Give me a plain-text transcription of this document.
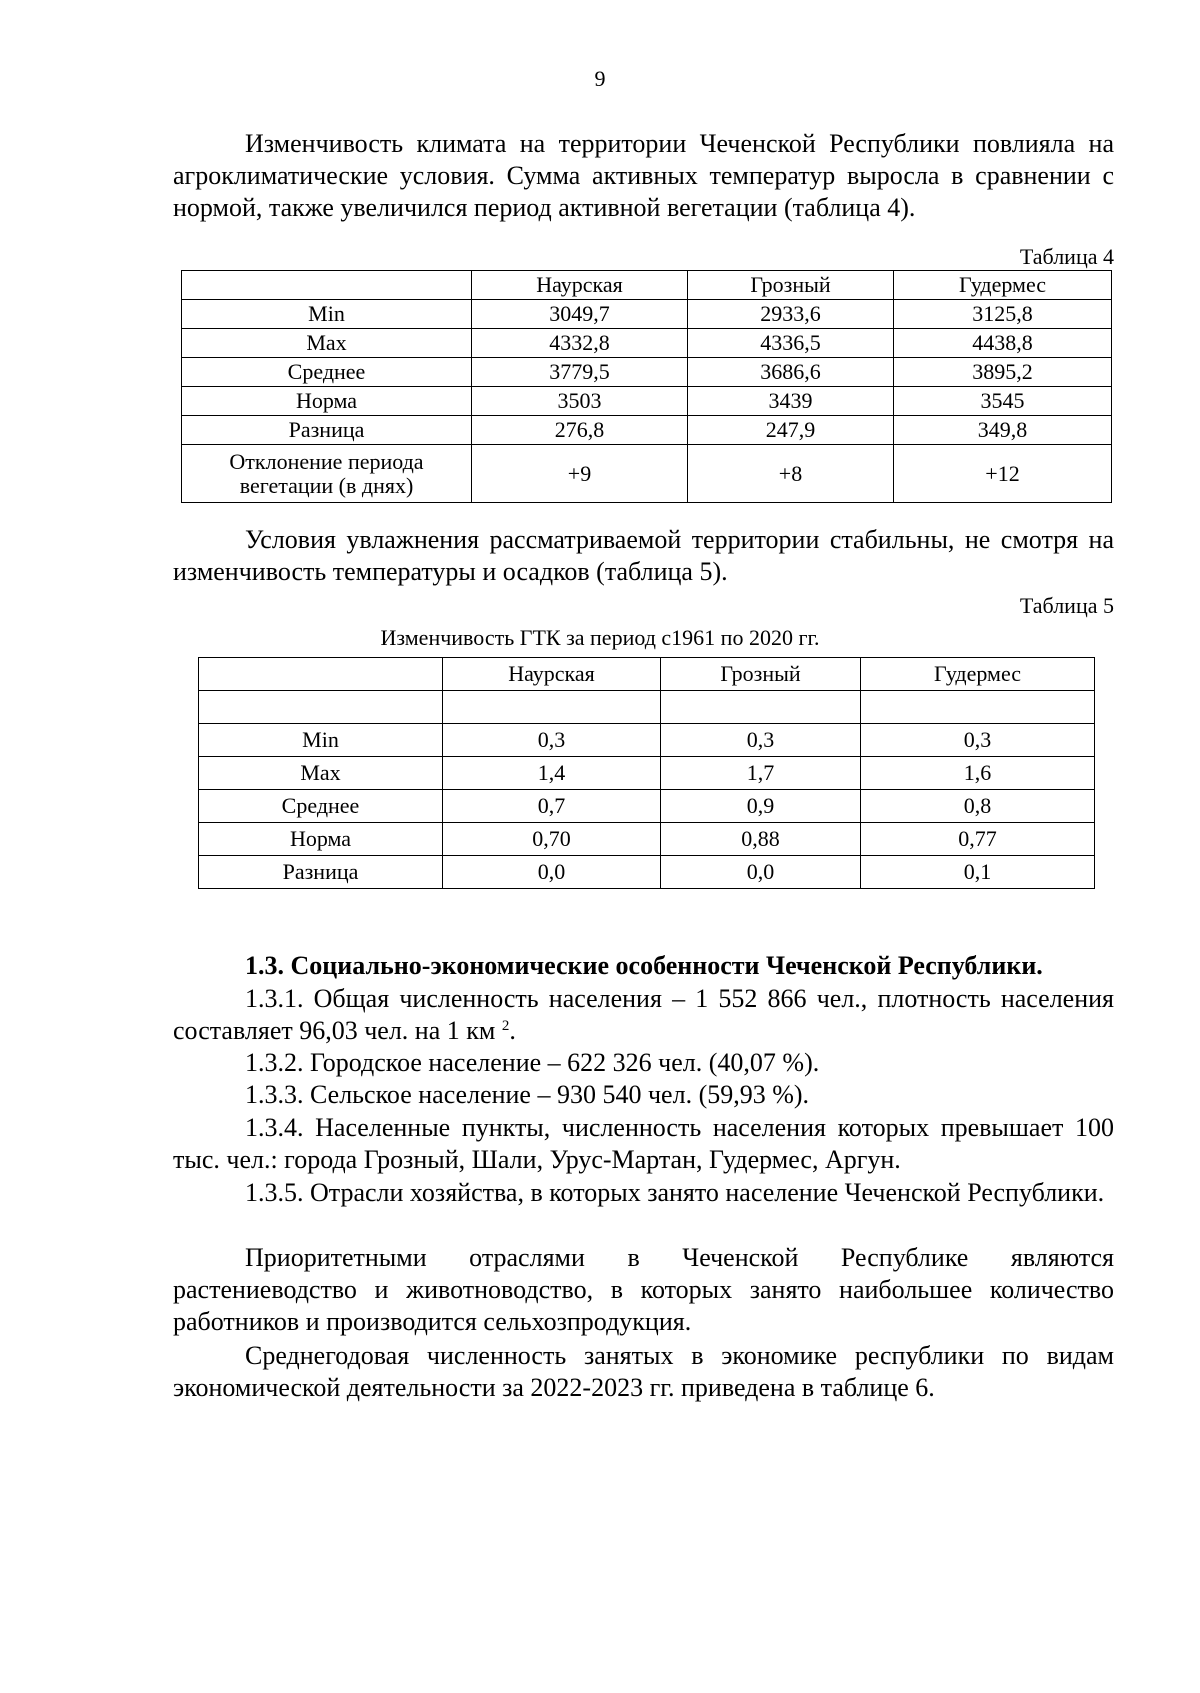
9

Изменчивость климата на территории Чеченской Республики повлияла на агроклиматические условия. Сумма активных температур выросла в сравнении с нормой, также увеличился период активной вегетации (таблица 4).

Таблица 4
	Наурская	Грозный	Гудермес
Min	3049,7	2933,6	3125,8
Max	4332,8	4336,5	4438,8
Среднее	3779,5	3686,6	3895,2
Норма	3503	3439	3545
Разница	276,8	247,9	349,8
Отклонение периода вегетации (в днях)	+9	+8	+12

Условия увлажнения рассматриваемой территории стабильны, не смотря на изменчивость температуры и осадков (таблица 5).

Таблица 5
Изменчивость ГТК за период с1961 по 2020 гг.
	Наурская	Грозный	Гудермес

Min	0,3	0,3	0,3
Max	1,4	1,7	1,6
Среднее	0,7	0,9	0,8
Норма	0,70	0,88	0,77
Разница	0,0	0,0	0,1

1.3. Социально-экономические особенности Чеченской Республики.

1.3.1. Общая численность населения – 1 552 866 чел., плотность населения составляет 96,03 чел. на 1 км $^2$.

1.3.2. Городское население – 622 326 чел. (40,07 %).

1.3.3. Сельское население – 930 540 чел. (59,93 %).

1.3.4. Населенные пункты, численность населения которых превышает 100 тыс. чел.: города Грозный, Шали, Урус-Мартан, Гудермес, Аргун.

1.3.5. Отрасли хозяйства, в которых занято население Чеченской Республики.

Приоритетными отраслями в Чеченской Республике являются растениеводство и животноводство, в которых занято наибольшее количество работников и производится сельхозпродукция.

Среднегодовая численность занятых в экономике республики по видам экономической деятельности за 2022-2023 гг. приведена в таблице 6.
